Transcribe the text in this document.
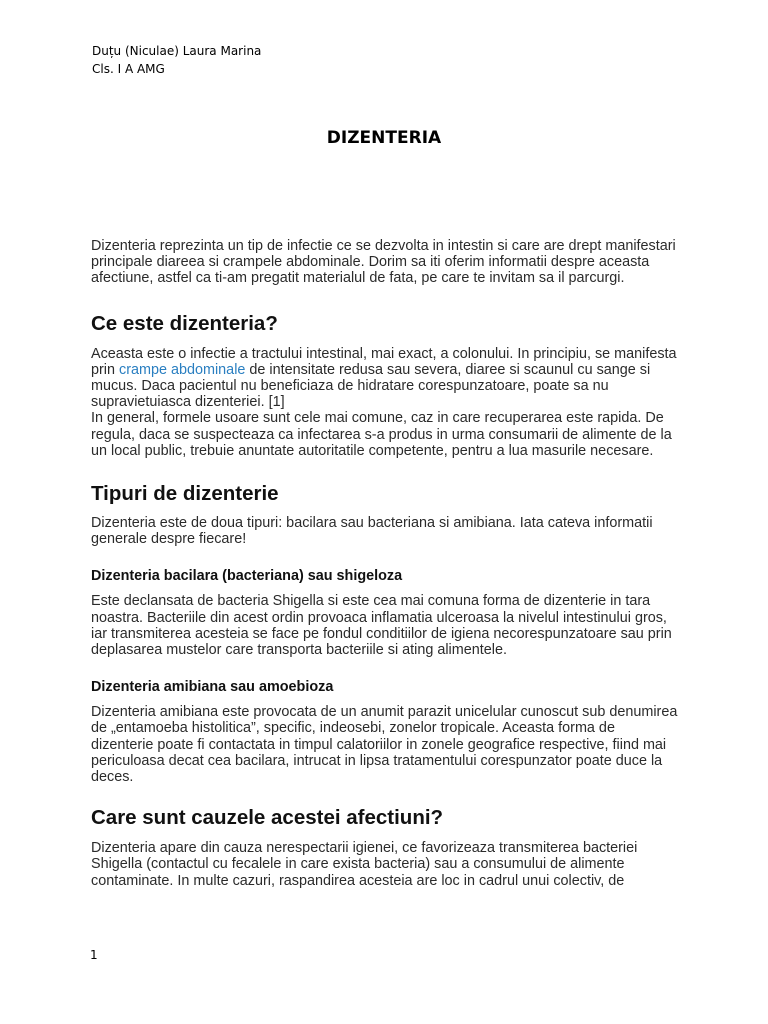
Duțu (Niculae) Laura Marina
Cls. I A AMG
DIZENTERIA

Dizenteria reprezinta un tip de infectie ce se dezvolta in intestin si care are drept manifestari principale diareea si crampele abdominale. Dorim sa iti oferim informatii despre aceasta afectiune, astfel ca ti-am pregatit materialul de fata, pe care te invitam sa il parcurgi.

Ce este dizenteria?

Aceasta este o infectie a tractului intestinal, mai exact, a colonului. In principiu, se manifesta prin crampe abdominale de intensitate redusa sau severa, diaree si scaunul cu sange si mucus. Daca pacientul nu beneficiaza de hidratare corespunzatoare, poate sa nu supravietuiasca dizenteriei. [1]

In general, formele usoare sunt cele mai comune, caz in care recuperarea este rapida. De regula, daca se suspecteaza ca infectarea s-a produs in urma consumarii de alimente de la un local public, trebuie anuntate autoritatile competente, pentru a lua masurile necesare.

Tipuri de dizenterie

Dizenteria este de doua tipuri: bacilara sau bacteriana si amibiana. Iata cateva informatii generale despre fiecare!

Dizenteria bacilara (bacteriana) sau shigeloza

Este declansata de bacteria Shigella si este cea mai comuna forma de dizenterie in tara noastra. Bacteriile din acest ordin provoaca inflamatia ulceroasa la nivelul intestinului gros, iar transmiterea acesteia se face pe fondul conditiilor de igiena necorespunzatoare sau prin deplasarea mustelor care transporta bacteriile si ating alimentele.

Dizenteria amibiana sau amoebioza

Dizenteria amibiana este provocata de un anumit parazit unicelular cunoscut sub denumirea de „entamoeba histolitica”, specific, indeosebi, zonelor tropicale. Aceasta forma de dizenterie poate fi contactata in timpul calatoriilor in zonele geografice respective, fiind mai periculoasa decat cea bacilara, intrucat in lipsa tratamentului corespunzator poate duce la deces.

Care sunt cauzele acestei afectiuni?

Dizenteria apare din cauza nerespectarii igienei, ce favorizeaza transmiterea bacteriei Shigella (contactul cu fecalele in care exista bacteria) sau a consumului de alimente contaminate. In multe cazuri, raspandirea acesteia are loc in cadrul unui colectiv, de

1
